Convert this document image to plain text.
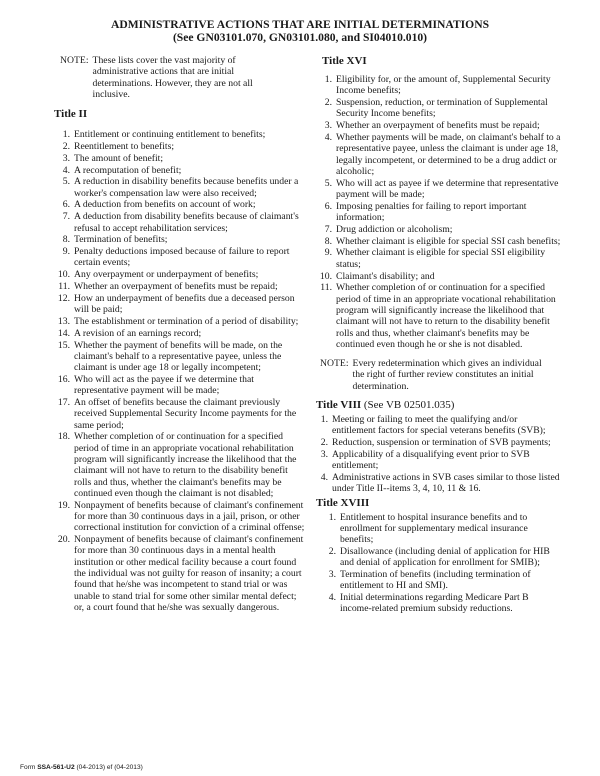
ADMINISTRATIVE ACTIONS THAT ARE INITIAL DETERMINATIONS
(See GN03101.070, GN03101.080, and SI04010.010)
NOTE: These lists cover the vast majority of administrative actions that are initial determinations. However, they are not all inclusive.
Title II
1. Entitlement or continuing entitlement to benefits;
2. Reentitlement to benefits;
3. The amount of benefit;
4. A recomputation of benefit;
5. A reduction in disability benefits because benefits under a worker's compensation law were also received;
6. A deduction from benefits on account of work;
7. A deduction from disability benefits because of claimant's refusal to accept rehabilitation services;
8. Termination of benefits;
9. Penalty deductions imposed because of failure to report certain events;
10. Any overpayment or underpayment of benefits;
11. Whether an overpayment of benefits must be repaid;
12. How an underpayment of benefits due a deceased person will be paid;
13. The establishment or termination of a period of disability;
14. A revision of an earnings record;
15. Whether the payment of benefits will be made, on the claimant's behalf to a representative payee, unless the claimant is under age 18 or legally incompetent;
16. Who will act as the payee if we determine that representative payment will be made;
17. An offset of benefits because the claimant previously received Supplemental Security Income payments for the same period;
18. Whether completion of or continuation for a specified period of time in an appropriate vocational rehabilitation program will significantly increase the likelihood that the claimant will not have to return to the disability benefit rolls and thus, whether the claimant's benefits may be continued even though the claimant is not disabled;
19. Nonpayment of benefits because of claimant's confinement for more than 30 continuous days in a jail, prison, or other correctional institution for conviction of a criminal offense;
20. Nonpayment of benefits because of claimant's confinement for more than 30 continuous days in a mental health institution or other medical facility because a court found the individual was not guilty for reason of insanity; a court found that he/she was incompetent to stand trial or was unable to stand trial for some other similar mental defect; or, a court found that he/she was sexually dangerous.
Title XVI
1. Eligibility for, or the amount of, Supplemental Security Income benefits;
2. Suspension, reduction, or termination of Supplemental Security Income benefits;
3. Whether an overpayment of benefits must be repaid;
4. Whether payments will be made, on claimant's behalf to a representative payee, unless the claimant is under age 18, legally incompetent, or determined to be a drug addict or alcoholic;
5. Who will act as payee if we determine that representative payment will be made;
6. Imposing penalties for failing to report important information;
7. Drug addiction or alcoholism;
8. Whether claimant is eligible for special SSI cash benefits;
9. Whether claimant is eligible for special SSI eligibility status;
10. Claimant's disability; and
11. Whether completion of or continuation for a specified period of time in an appropriate vocational rehabilitation program will significantly increase the likelihood that claimant will not have to return to the disability benefit rolls and thus, whether claimant's benefits may be continued even though he or she is not disabled.
NOTE: Every redetermination which gives an individual the right of further review constitutes an initial determination.
Title VIII (See VB 02501.035)
1. Meeting or failing to meet the qualifying and/or entitlement factors for special veterans benefits (SVB);
2. Reduction, suspension or termination of SVB payments;
3. Applicability of a disqualifying event prior to SVB entitlement;
4. Administrative actions in SVB cases similar to those listed under Title II--items 3, 4, 10, 11 & 16.
Title XVIII
1. Entitlement to hospital insurance benefits and to enrollment for supplementary medical insurance benefits;
2. Disallowance (including denial of application for HIB and denial of application for enrollment for SMIB);
3. Termination of benefits (including termination of entitlement to HI and SMI).
4. Initial determinations regarding Medicare Part B income-related premium subsidy reductions.
Form SSA-561-U2 (04-2013) ef (04-2013)
